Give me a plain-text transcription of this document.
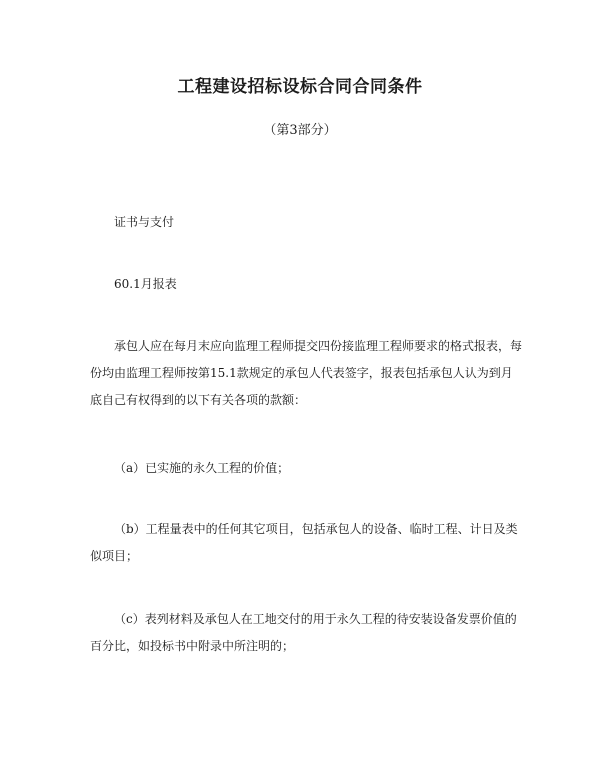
工程建设招标设标合同合同条件

（第3部分）

证书与支付

60.1月报表

承包人应在每月末应向监理工程师提交四份接监理工程师要求的格式报表，每份均由监理工程师按第15.1款规定的承包人代表签字，报表包括承包人认为到月底自己有权得到的以下有关各项的款额：

（a）已实施的永久工程的价值；

（b）工程量表中的任何其它项目，包括承包人的设备、临时工程、计日及类似项目；

（c）表列材料及承包人在工地交付的用于永久工程的待安装设备发票价值的百分比，如投标书中附录中所注明的；
